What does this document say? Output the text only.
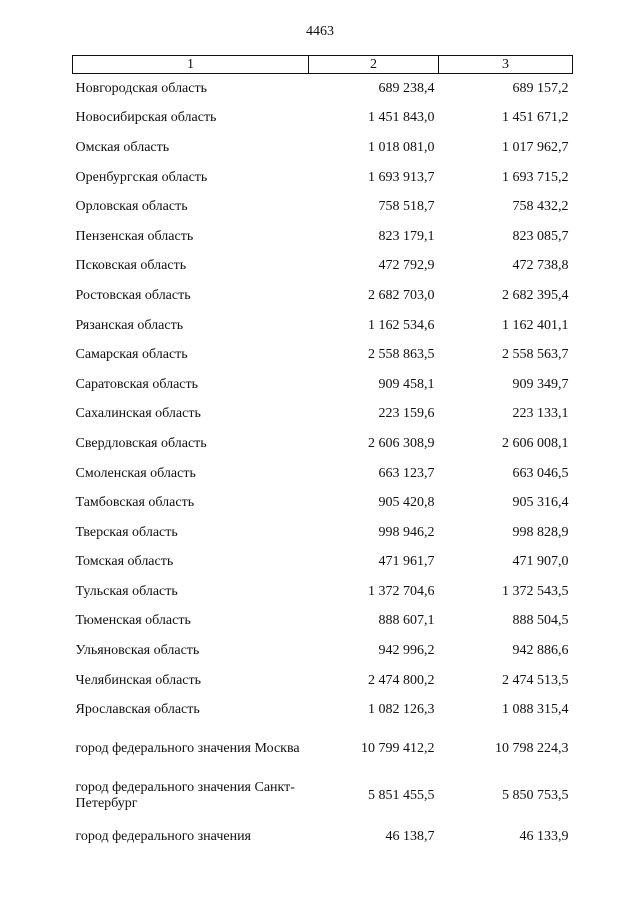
4463
1	2	3
Новгородская область	689 238,4	689 157,2
Новосибирская область	1 451 843,0	1 451 671,2
Омская область	1 018 081,0	1 017 962,7
Оренбургская область	1 693 913,7	1 693 715,2
Орловская область	758 518,7	758 432,2
Пензенская область	823 179,1	823 085,7
Псковская область	472 792,9	472 738,8
Ростовская область	2 682 703,0	2 682 395,4
Рязанская область	1 162 534,6	1 162 401,1
Самарская область	2 558 863,5	2 558 563,7
Саратовская область	909 458,1	909 349,7
Сахалинская область	223 159,6	223 133,1
Свердловская область	2 606 308,9	2 606 008,1
Смоленская область	663 123,7	663 046,5
Тамбовская область	905 420,8	905 316,4
Тверская область	998 946,2	998 828,9
Томская область	471 961,7	471 907,0
Тульская область	1 372 704,6	1 372 543,5
Тюменская область	888 607,1	888 504,5
Ульяновская область	942 996,2	942 886,6
Челябинская область	2 474 800,2	2 474 513,5
Ярославская область	1 082 126,3	1 088 315,4
город федерального значения Москва	10 799 412,2	10 798 224,3
город федерального значения Санкт-Петербург	5 851 455,5	5 850 753,5
город федерального значения	46 138,7	46 133,9
